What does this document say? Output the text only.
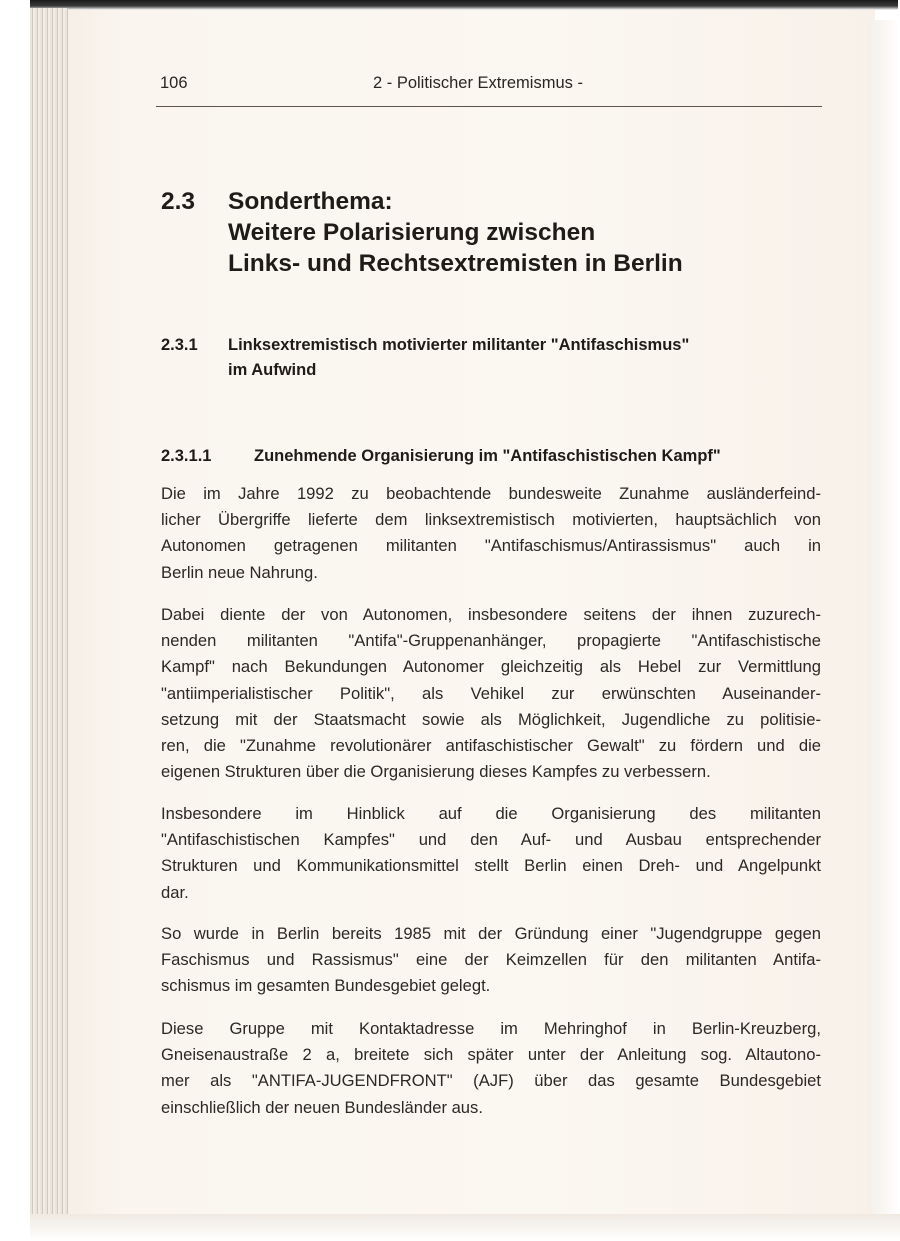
106	2 - Politischer Extremismus -
2.3 Sonderthema:
Weitere Polarisierung zwischen
Links- und Rechtsextremisten in Berlin
2.3.1 Linksextremistisch motivierter militanter "Antifaschismus"
im Aufwind
2.3.1.1	Zunehmende Organisierung im "Antifaschistischen Kampf"
Die im Jahre 1992 zu beobachtende bundesweite Zunahme ausländerfeind-
licher Übergriffe lieferte dem linksextremistisch motivierten, hauptsächlich von
Autonomen getragenen militanten "Antifaschismus/Antirassismus" auch in
Berlin neue Nahrung.
Dabei diente der von Autonomen, insbesondere seitens der ihnen zuzurech-
nenden militanten "Antifa"-Gruppenanhänger, propagierte "Antifaschistische
Kampf" nach Bekundungen Autonomer gleichzeitig als Hebel zur Vermittlung
"antiimperialistischer Politik", als Vehikel zur erwünschten Auseinander-
setzung mit der Staatsmacht sowie als Möglichkeit, Jugendliche zu politisie-
ren, die "Zunahme revolutionärer antifaschistischer Gewalt" zu fördern und die
eigenen Strukturen über die Organisierung dieses Kampfes zu verbessern.
Insbesondere im Hinblick auf die Organisierung des militanten
"Antifaschistischen Kampfes" und den Auf- und Ausbau entsprechender
Strukturen und Kommunikationsmittel stellt Berlin einen Dreh- und Angelpunkt
dar.
So wurde in Berlin bereits 1985 mit der Gründung einer "Jugendgruppe gegen
Faschismus und Rassismus" eine der Keimzellen für den militanten Antifa-
schismus im gesamten Bundesgebiet gelegt.
Diese Gruppe mit Kontaktadresse im Mehringhof in Berlin-Kreuzberg,
Gneisenaustraße 2 a, breitete sich später unter der Anleitung sog. Altautono-
mer als "ANTIFA-JUGENDFRONT" (AJF) über das gesamte Bundesgebiet
einschließlich der neuen Bundesländer aus.
